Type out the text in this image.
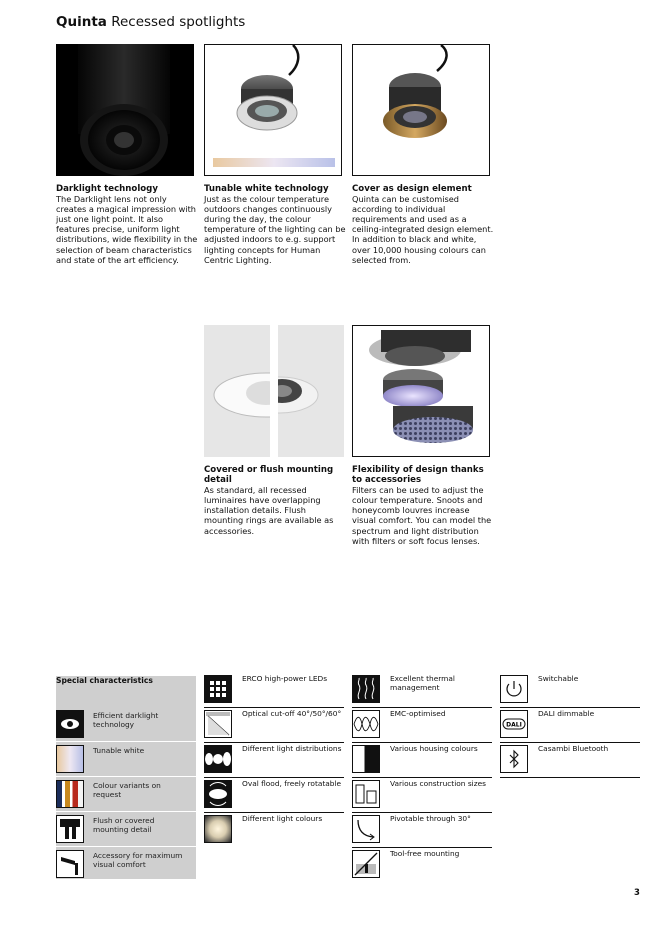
Quinta Recessed spotlights
Darklight technology
The Darklight lens not only creates a magical impression with just one light point. It also features precise, uniform light distributions, wide flexibility in the selection of beam characteristics and state of the art efficiency.
Tunable white technology
Just as the colour temperature outdoors changes continuously during the day, the colour temperature of the lighting can be adjusted indoors to e.g. support lighting concepts for Human Centric Lighting.
Cover as design element
Quinta can be customised according to individual requirements and used as a ceiling-integrated design element. In addition to black and white, over 10,000 housing colours can selected from.
Covered or flush mounting detail
As standard, all recessed luminaires have overlapping installation details. Flush mounting rings are available as accessories.
Flexibility of design thanks to accessories
Filters can be used to adjust the colour temperature. Snoots and honeycomb louvres increase visual comfort. You can model the spectrum and light distribution with filters or soft focus lenses.
Special characteristics
Efficient darklight technology
Tunable white
Colour variants on request
Flush or covered mounting detail
Accessory for maximum visual comfort
ERCO high-power LEDs
Optical cut-off 40°/50°/60°
Different light distributions
Oval flood, freely rotatable
Different light colours
Excellent thermal management
EMC-optimised
Various housing colours
Various construction sizes
Pivotable through 30°
Tool-free mounting
Switchable
DALI
DALI dimmable
Casambi Bluetooth
3
